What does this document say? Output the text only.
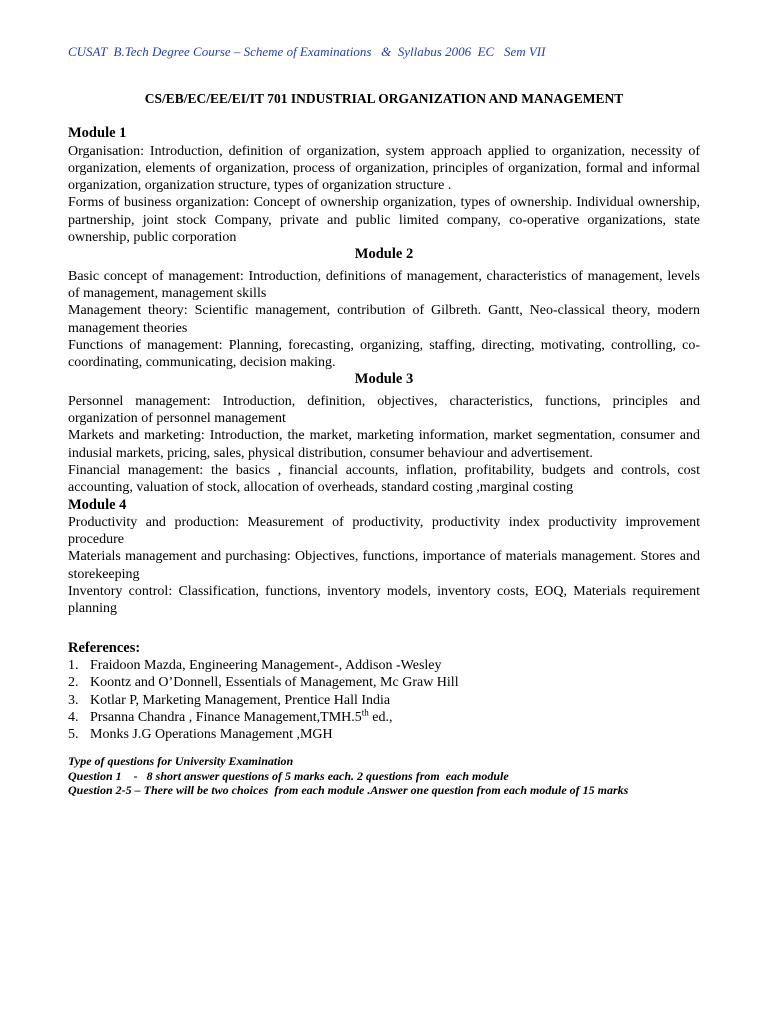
CUSAT  B.Tech Degree Course – Scheme of Examinations   &  Syllabus 2006  EC   Sem VII
CS/EB/EC/EE/EI/IT 701 INDUSTRIAL ORGANIZATION AND MANAGEMENT
Module 1

Organisation: Introduction, definition of organization, system approach applied to organization, necessity of organization, elements of organization, process of organization, principles of organization, formal and informal organization, organization structure, types of organization structure .

Forms of business organization: Concept of ownership organization, types of ownership. Individual ownership, partnership, joint stock Company, private and public limited company, co-operative organizations, state ownership, public corporation

Module 2

Basic concept of management: Introduction, definitions of management, characteristics of management, levels of management, management skills

Management theory: Scientific management, contribution of Gilbreth. Gantt, Neo-classical theory, modern management theories

Functions of management: Planning, forecasting, organizing, staffing, directing, motivating, controlling, co-coordinating, communicating, decision making.

Module 3

Personnel management: Introduction, definition, objectives, characteristics, functions, principles and organization of personnel management

Markets and marketing: Introduction, the market, marketing information, market segmentation, consumer and indusial markets, pricing, sales, physical distribution, consumer behaviour and advertisement.

Financial management: the basics , financial accounts, inflation, profitability, budgets and controls, cost accounting, valuation of stock, allocation of overheads, standard costing ,marginal costing

Module 4

Productivity and production: Measurement of productivity, productivity index productivity improvement procedure

Materials management and purchasing: Objectives, functions, importance of materials management. Stores and storekeeping

Inventory control: Classification, functions, inventory models, inventory costs, EOQ, Materials requirement planning

References:
1. Fraidoon Mazda, Engineering Management-, Addison -Wesley
2. Koontz and O’Donnell, Essentials of Management, Mc Graw Hill
3. Kotlar P, Marketing Management, Prentice Hall India
4. Prsanna Chandra , Finance Management,TMH.5th ed.,
5. Monks J.G Operations Management ,MGH

Type of questions for University Examination

Question 1    -   8 short answer questions of 5 marks each. 2 questions from  each module

Question 2-5 – There will be two choices  from each module .Answer one question from each module of 15 marks
